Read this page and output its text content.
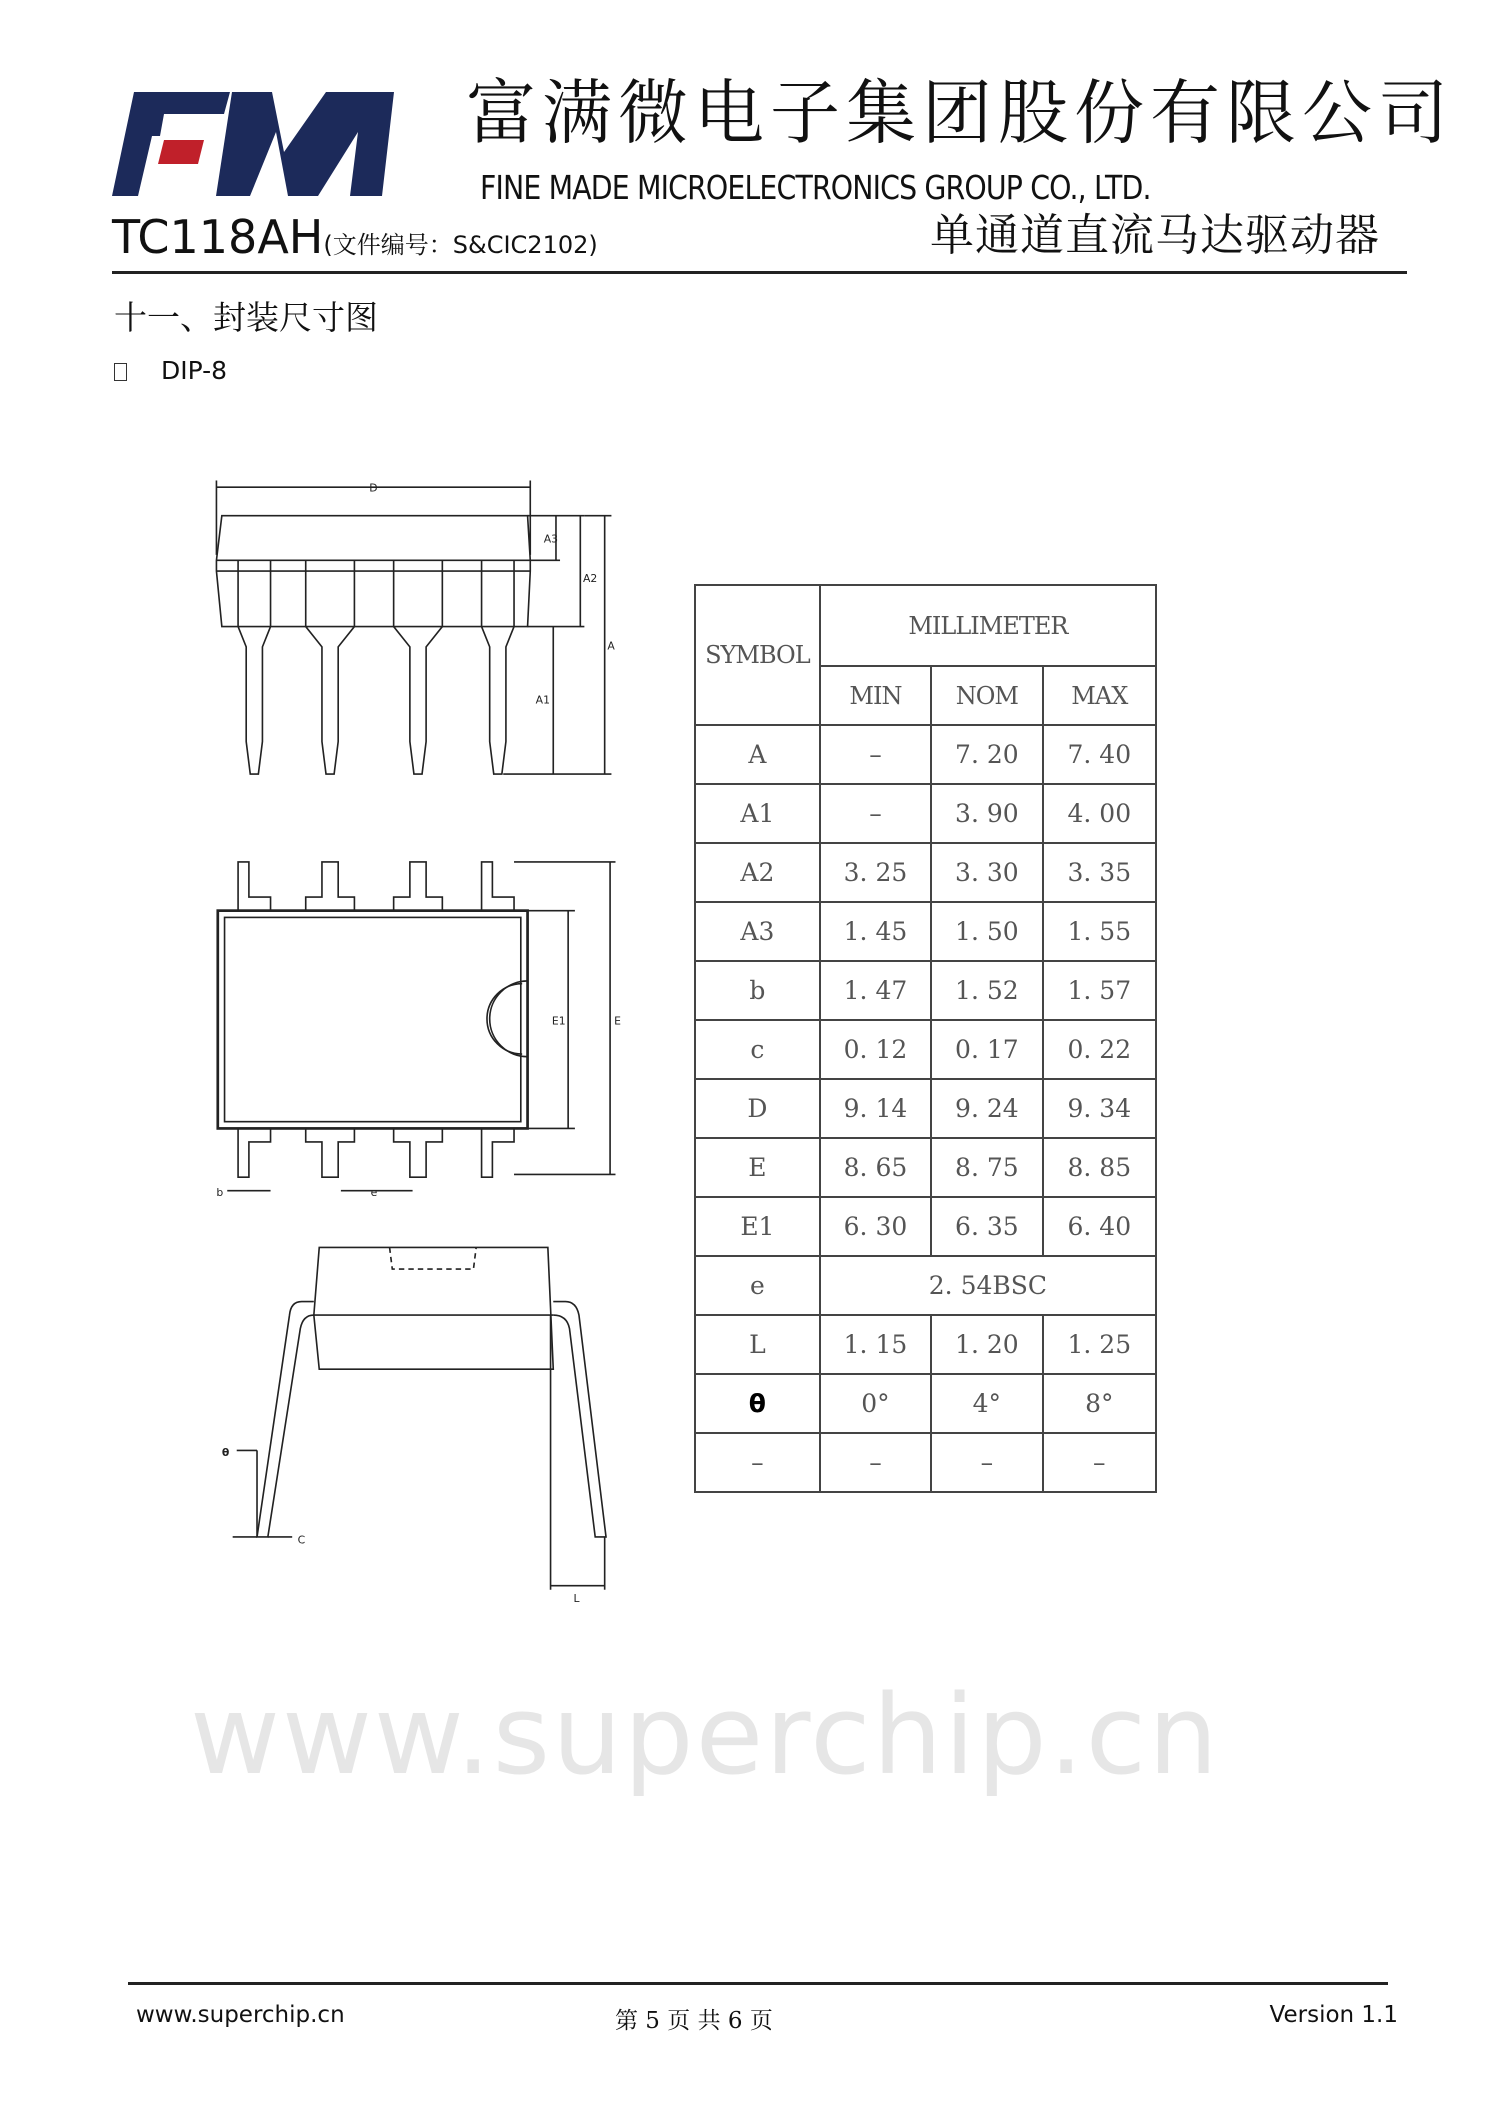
www.superchip.cn
富满微电子集团股份有限公司
FINE MADE MICROELECTRONICS GROUP CO., LTD.
TC118AH(文件编号：S&CIC2102)	单通道直流马达驱动器
十一、封装尺寸图
DIP-8
D
A3
A2
A
A1
E1	E
b	e
θ
C
L
SYMBOL	MILLIMETER		
	MIN	NOM	MAX
A	–	7. 20	7. 40
A1	–	3. 90	4. 00
A2	3. 25	3. 30	3. 35
A3	1. 45	1. 50	1. 55
b	1. 47	1. 52	1. 57
c	0. 12	0. 17	0. 22
D	9. 14	9. 24	9. 34
E	8. 65	8. 75	8. 85
E1	6. 30	6. 35	6. 40
e	2. 54BSC		
L	1. 15	1. 20	1. 25
θ	0°	4°	8°
–	–	–	–
www.superchip.cn	第 5 页 共 6 页	Version 1.1
